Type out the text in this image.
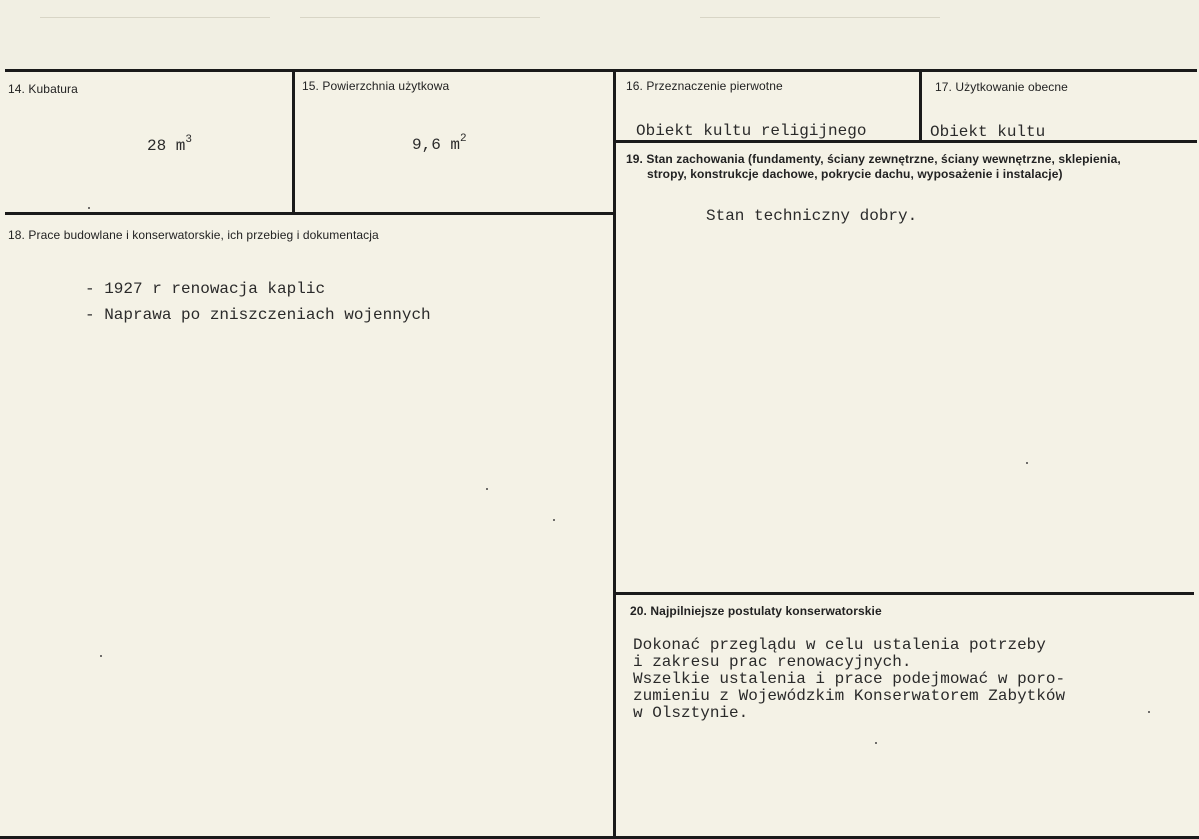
14. Kubatura
28 $m^3$
15. Powierzchnia użytkowa
9,6 $m^2$
16. Przeznaczenie pierwotne
Obiekt kultu religijnego
17. Użytkowanie obecne
Obiekt kultu
18. Prace budowlane i konserwatorskie, ich przebieg i dokumentacja
- 1927 r renowacja kaplic
- Naprawa po zniszczeniach wojennych
19. Stan zachowania (fundamenty, ściany zewnętrzne, ściany wewnętrzne, sklepienia,
stropy, konstrukcje dachowe, pokrycie dachu, wyposażenie i instalacje)
Stan techniczny dobry.
20. Najpilniejsze postulaty konserwatorskie
Dokonać przeglądu w celu ustalenia potrzeby
i zakresu prac renowacyjnych.
Wszelkie ustalenia i prace podejmować w poro-
zumieniu z Wojewódzkim Konserwatorem Zabytków
w Olsztynie.
